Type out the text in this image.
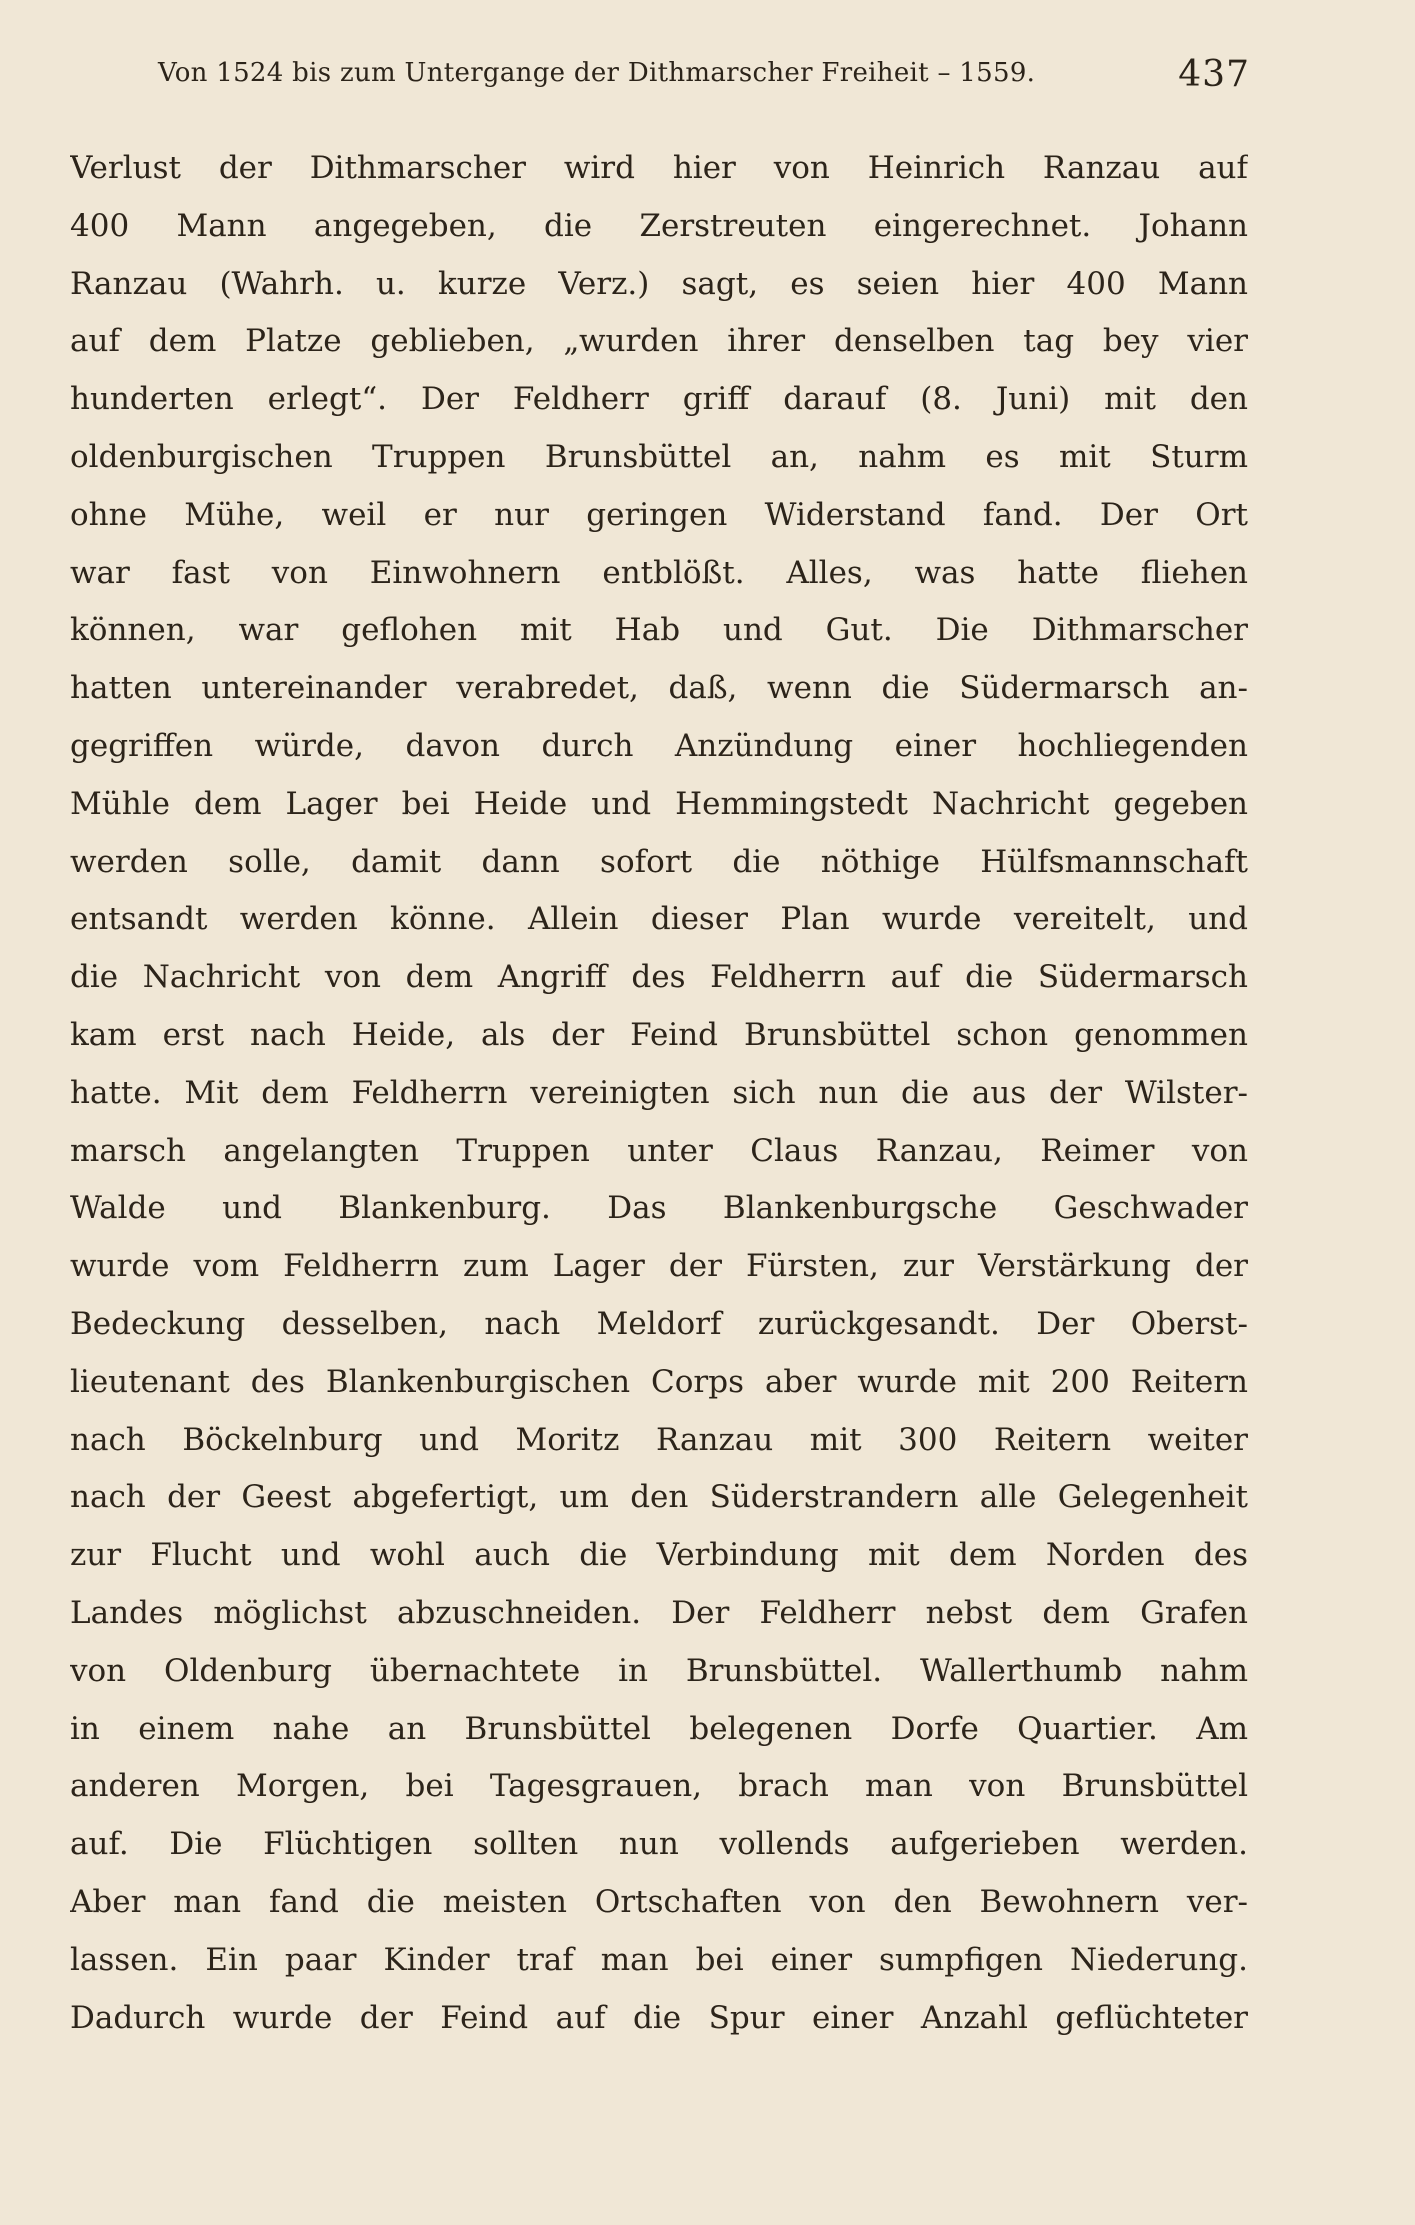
Von 1524 bis zum Untergange der Dithmarscher Freiheit – 1559.	437
Verlust der Dithmarscher wird hier von Heinrich Ranzau auf
400 Mann angegeben, die Zerstreuten eingerechnet. Johann
Ranzau (Wahrh. u. kurze Verz.) sagt, es seien hier 400 Mann
auf dem Platze geblieben, „wurden ihrer denselben tag bey vier
hunderten erlegt“. Der Feldherr griff darauf (8. Juni) mit den
oldenburgischen Truppen Brunsbüttel an, nahm es mit Sturm
ohne Mühe, weil er nur geringen Widerstand fand. Der Ort
war fast von Einwohnern entblößt. Alles, was hatte fliehen
können, war geflohen mit Hab und Gut. Die Dithmarscher
hatten untereinander verabredet, daß, wenn die Südermarsch an-
gegriffen würde, davon durch Anzündung einer hochliegenden
Mühle dem Lager bei Heide und Hemmingstedt Nachricht gegeben
werden solle, damit dann sofort die nöthige Hülfsmannschaft
entsandt werden könne. Allein dieser Plan wurde vereitelt, und
die Nachricht von dem Angriff des Feldherrn auf die Südermarsch
kam erst nach Heide, als der Feind Brunsbüttel schon genommen
hatte. Mit dem Feldherrn vereinigten sich nun die aus der Wilster-
marsch angelangten Truppen unter Claus Ranzau, Reimer von
Walde und Blankenburg. Das Blankenburgsche Geschwader
wurde vom Feldherrn zum Lager der Fürsten, zur Verstärkung der
Bedeckung desselben, nach Meldorf zurückgesandt. Der Oberst-
lieutenant des Blankenburgischen Corps aber wurde mit 200 Reitern
nach Böckelnburg und Moritz Ranzau mit 300 Reitern weiter
nach der Geest abgefertigt, um den Süderstrandern alle Gelegenheit
zur Flucht und wohl auch die Verbindung mit dem Norden des
Landes möglichst abzuschneiden. Der Feldherr nebst dem Grafen
von Oldenburg übernachtete in Brunsbüttel. Wallerthumb nahm
in einem nahe an Brunsbüttel belegenen Dorfe Quartier. Am
anderen Morgen, bei Tagesgrauen, brach man von Brunsbüttel
auf. Die Flüchtigen sollten nun vollends aufgerieben werden.
Aber man fand die meisten Ortschaften von den Bewohnern ver-
lassen. Ein paar Kinder traf man bei einer sumpfigen Niederung.
Dadurch wurde der Feind auf die Spur einer Anzahl geflüchteter
